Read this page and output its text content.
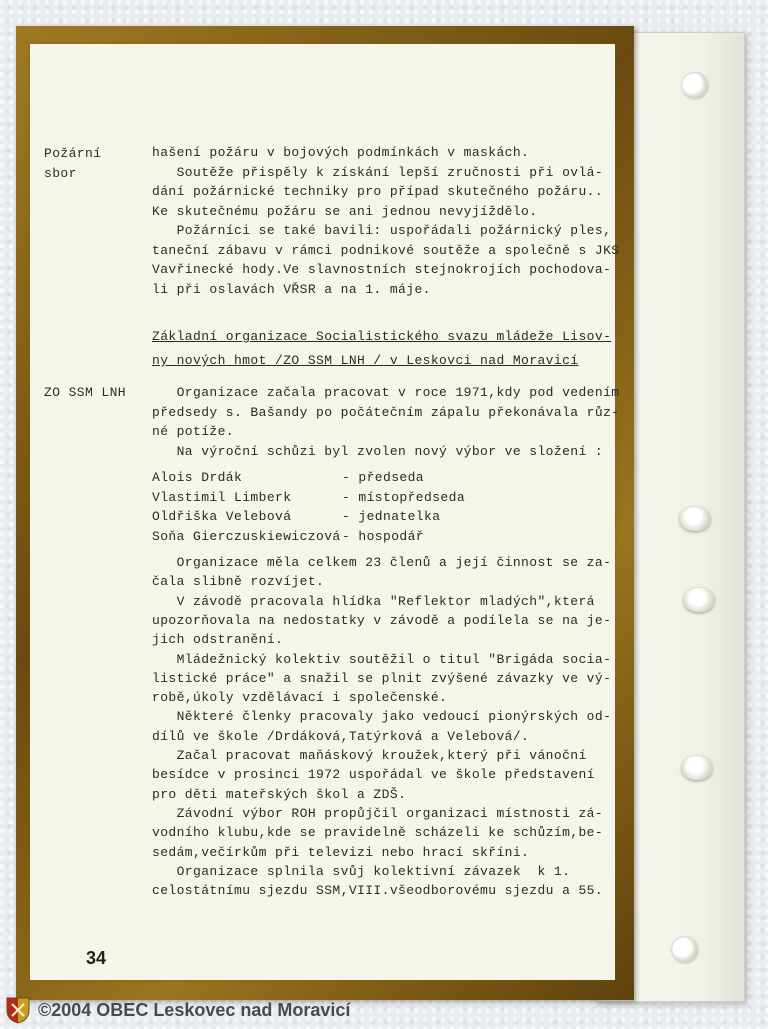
Požární
sbor
ZO SSM LNH
hašení požáru v bojových podmínkách v maskách.
Soutěže přispěly k získání lepší zručnosti při ovlá-
dání požárnické techniky pro případ skutečného požáru..
Ke skutečnému požáru se ani jednou nevyjíždělo.
Požárníci se také bavili: uspořádali požárnický ples,
taneční zábavu v rámci podnikové soutěže a společně s JKS
Vavřinecké hody.Ve slavnostních stejnokrojích pochodova-
li při oslavách VŘSR a na 1. máje.
Základní organizace Socialistického svazu mládeže Lisov-
ny nových hmot /ZO SSM LNH / v Leskovci nad Moravicí
Organizace začala pracovat v roce 1971,kdy pod vedením
předsedy s. Bašandy po počátečním zápalu překonávala růz-
né potíže.
Na výroční schůzi byl zvolen nový výbor ve složení :
Alois Drdák	- předseda
Vlastimil Limberk	- místopředseda
Oldřiška Velebová	- jednatelka
Soňa Gierczuskiewiczová - hospodář
Organizace měla celkem 23 členů a její činnost se za-
čala slibně rozvíjet.
V závodě pracovala hlídka "Reflektor mladých",která
upozorňovala na nedostatky v závodě a podílela se na je-
jich odstranění.
Mládežnický kolektiv soutěžil o titul "Brigáda socia-
listické práce" a snažil se plnit zvýšené závazky ve vý-
robě,úkoly vzdělávací i společenské.
Některé členky pracovaly jako vedoucí pionýrských od-
dílů ve škole /Drdáková,Tatýrková a Velebová/.
Začal pracovat maňáskový kroužek,který při vánoční
besídce v prosinci 1972 uspořádal ve škole představení
pro děti mateřských škol a ZDŠ.
Závodní výbor ROH propůjčil organizaci místnosti zá-
vodního klubu,kde se pravidelně scházeli ke schůzím,be-
sedám,večírkům při televizi nebo hrací skříni.
Organizace splnila svůj kolektivní závazek  k 1.
celostátnímu sjezdu SSM,VIII.všeodborovému sjezdu a 55.
34
©2004 OBEC Leskovec nad Moravicí
